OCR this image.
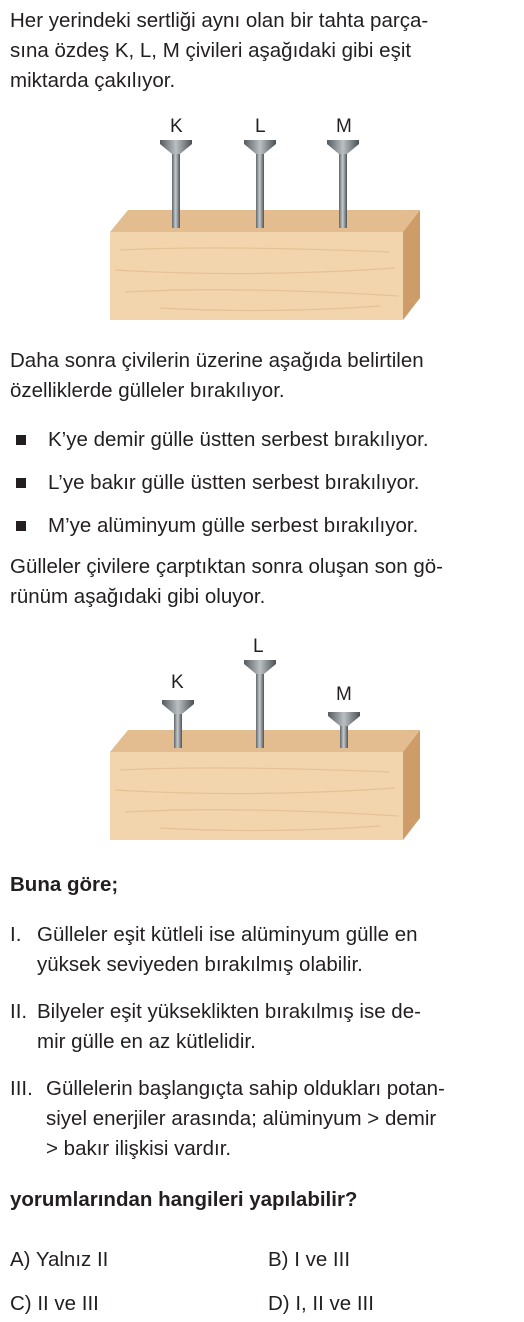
Her yerindeki sertliği aynı olan bir tahta parça-
sına özdeş K, L, M çivileri aşağıdaki gibi eşit
miktarda çakılıyor.
K	L	M
Daha sonra çivilerin üzerine aşağıda belirtilen
özelliklerde gülleler bırakılıyor.
K’ye demir gülle üstten serbest bırakılıyor.
L’ye bakır gülle üstten serbest bırakılıyor.
M’ye alüminyum gülle serbest bırakılıyor.
Gülleler çivilere çarptıktan sonra oluşan son gö-
rünüm aşağıdaki gibi oluyor.
K
L
M
Buna göre;
I. Gülleler eşit kütleli ise alüminyum gülle en
yüksek seviyeden bırakılmış olabilir.
II. Bilyeler eşit yükseklikten bırakılmış ise de-
mir gülle en az kütlelidir.
III. Güllelerin başlangıçta sahip oldukları potan-
siyel enerjiler arasında; alüminyum > demir
> bakır ilişkisi vardır.
yorumlarından hangileri yapılabilir?
A) Yalnız II	B) I ve III
C) II ve III	D) I, II ve III
